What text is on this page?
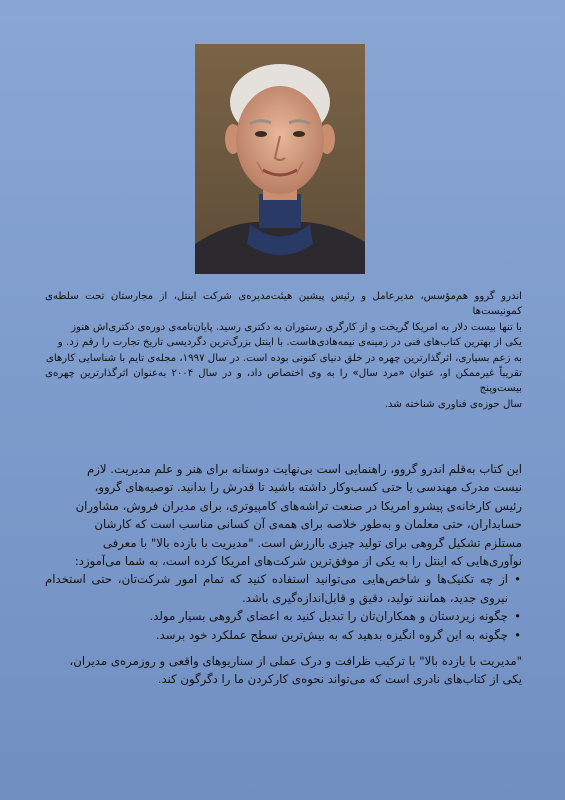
اندرو گروو هم‌مؤسس، مدیرعامل و رئیس پیشین هیئت‌مدیره‌ی شرکت اینتل، از مجارستان تحت سلطه‌ی کمونیست‌ها

با تنها بیست دلار به امریکا گریخت و از کارگری رستوران به دکتری رسید. پایان‌نامه‌ی دوره‌ی دکتری‌اش هنوز

یکی از بهترین کتاب‌های فنی در زمینه‌ی نیمه‌هادی‌هاست. با اینتل بزرگ‌ترین دگردیسی تاریخ تجارت را رقم زد. و

به زعم بسیاری، اثرگذارترین چهره در خلق دنیای کنونی بوده است. در سال ۱۹۹۷، مجله‌ی تایم با شناسایی کارهای

تقریباً غیرممکن او، عنوان «مرد سال» را به وی اختصاص داد، و در سال ۲۰۰۴ به‌عنوان اثرگذارترین چهره‌ی بیست‌وپنج

سال حوزه‌ی فناوری شناخته شد.

این کتاب به‌قلم اندرو گروو، راهنمایی است بی‌نهایت دوستانه برای هنر و علم مدیریت. لازم

نیست مدرک مهندسی یا حتی کسب‌وکار داشته باشید تا قدرش را بدانید. توصیه‌های گروو،

رئیس کارخانه‌ی پیشرو امریکا در صنعت تراشه‌های کامپیوتری، برای مدیران فروش، مشاوران

حسابداران، حتی معلمان و به‌طور خلاصه برای همه‌ی آن کسانی مناسب است که کارشان

مستلزم تشکیل گروهی برای تولید چیزی باارزش است. "مدیریت با بازده بالا" با معرفی

نوآوری‌هایی که اینتل را به یکی از موفق‌ترین شرکت‌های امریکا کرده است، به شما می‌آموزد:

• از چه تکنیک‌ها و شاخص‌هایی می‌توانید استفاده کنید که تمام امور شرکت‌تان، حتی استخدام نیروی جدید، همانند تولید، دقیق و قابل‌اندازه‌گیری باشد.
• چگونه زیردستان و همکاران‌تان را تبدیل کنید به اعضای گروهی بسیار مولد.
• چگونه به این گروه انگیزه بدهید که به بیش‌ترین سطح عملکرد خود برسد.

"مدیریت با بازده بالا" با ترکیب ظرافت و درک عملی از سناریوهای واقعی و روزمره‌ی مدیران،

یکی از کتاب‌های نادری است که می‌تواند نحوه‌ی کارکردن ما را دگرگون کند.
